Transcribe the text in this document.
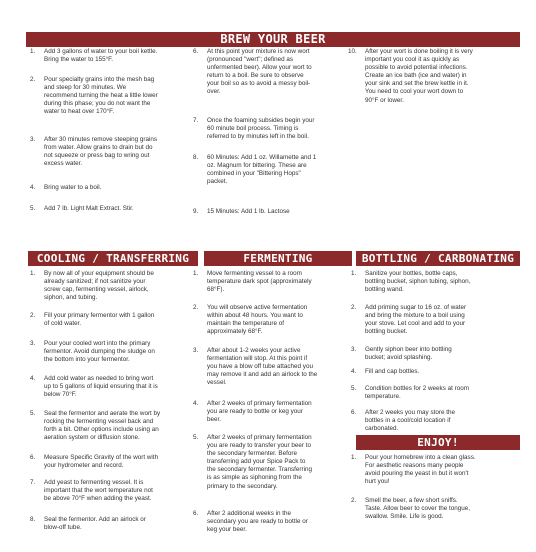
BREW YOUR BEER
COOLING / TRANSFERRING	FERMENTING	BOTTLING / CARBONATING
ENJOY!
1.	Add 3 gallons of water to your boil kettle.
Bring the water to 155°F.
2.	Pour specialty grains into the mesh bag
and steep for 30 minutes. We
recommend turning the heat a little lower
during this phase; you do not want the
water to heat over 170°F.
3.	After 30 minutes remove steeping grains
from water. Allow grains to drain but do
not squeeze or press bag to wring out
excess water.
4.	Bring water to a boil.
5.	Add 7 lb. Light Malt Extract. Stir.
6.	At this point your mixture is now wort
(pronounced "wert"; defined as
unfermented beer). Allow your wort to
return to a boil. Be sure to observe
your boil so as to avoid a messy boil-
over.
7.	Once the foaming subsides begin your
60 minute boil process. Timing is
referred to by minutes left in the boil.
8.	60 Minutes: Add 1 oz. Willamette and 1
oz. Magnum for bittering. These are
combined in your "Bittering Hops"
packet.
9.	15 Minutes: Add 1 lb. Lactose
10.	After your wort is done boiling it is very
important you cool it as quickly as
possible to avoid potential infections.
Create an ice bath (ice and water) in
your sink and set the brew kettle in it.
You need to cool your wort down to
90°F or lower.
1.	By now all of your equipment should be
already sanitized; if not sanitize your
screw cap, fermenting vessel, airlock,
siphon, and tubing.
2.	Fill your primary fermentor with 1 gallon
of cold water.
3.	Pour your cooled wort into the primary
fermentor. Avoid dumping the sludge on
the bottom into your fermentor.
4.	Add cold water as needed to bring wort
up to 5 gallons of liquid ensuring that it is
below 70°F.
5.	Seal the fermentor and aerate the wort by
rocking the fermenting vessel back and
forth a bit. Other options include using an
aeration system or diffusion stone.
6.	Measure Specific Gravity of the wort with
your hydrometer and record.
7.	Add yeast to fermenting vessel. It is
important that the wort temperature not
be above 70°F when adding the yeast.
8.	Seal the fermentor. Add an airlock or
blow-off tube.
1.	Move fermenting vessel to a room
temperature dark spot (approximately
68°F).
2.	You will observe active fermentation
within about 48 hours. You want to
maintain the temperature of
approximately 68°F.
3.	After about 1-2 weeks your active
fermentation will stop. At this point if
you have a blow off tube attached you
may remove it and add an airlock to the
vessel.
4.	After 2 weeks of primary fermentation
you are ready to bottle or keg your
beer.
5.	After 2 weeks of primary fermentation
you are ready to transfer your beer to
the secondary fermenter. Before
transferring add your Spice Pack to
the secondary fermenter. Transferring
is as simple as siphoning from the
primary to the secondary.
6.	After 2 additional weeks in the
secondary you are ready to bottle or
keg your beer.
1.	Sanitize your bottles, bottle caps,
bottling bucket, siphon tubing, siphon,
bottling wand.
2.	Add priming sugar to 16 oz. of water
and bring the mixture to a boil using
your stove. Let cool and add to your
bottling bucket.
3.	Gently siphon beer into bottling
bucket; avoid splashing.
4.	Fill and cap bottles.
5.	Condition bottles for 2 weeks at room
temperature.
6.	After 2 weeks you may store the
bottles in a cool/cold location if
carbonated.
1.	Pour your homebrew into a clean glass.
For aesthetic reasons many people
avoid pouring the yeast in but it won't
hurt you!
2.	Smell the beer, a few short sniffs.
Taste. Allow beer to cover the tongue,
swallow. Smile. Life is good.
